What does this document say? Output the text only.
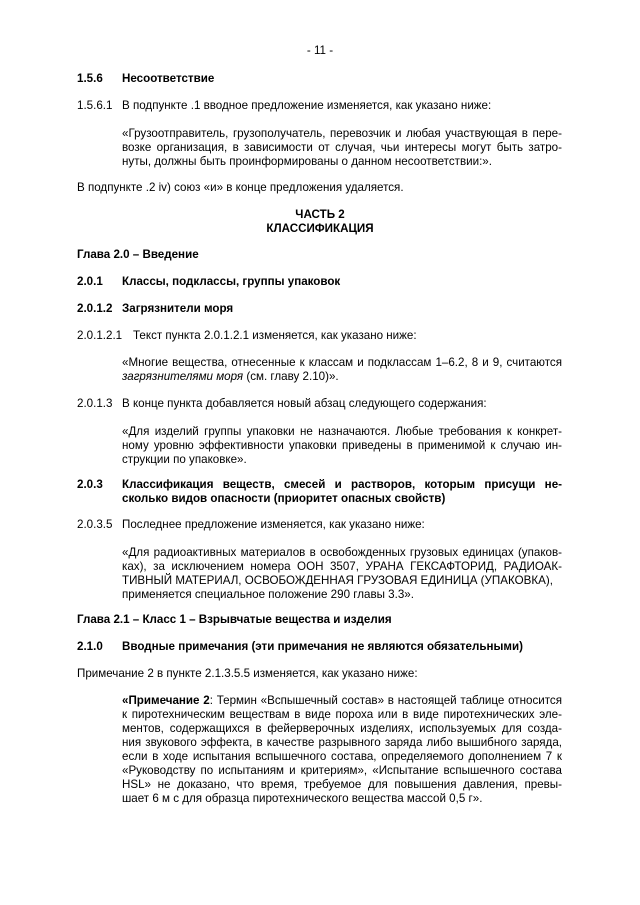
- 11 -
1.5.6 Несоответствие
1.5.6.1 В подпункте .1 вводное предложение изменяется, как указано ниже:
«Грузоотправитель, грузополучатель, перевозчик и любая участвующая в пере-
возке организация, в зависимости от случая, чьи интересы могут быть затро-
нуты, должны быть проинформированы о данном несоответствии:».
В подпункте .2 iv) союз «и» в конце предложения удаляется.
ЧАСТЬ 2
КЛАССИФИКАЦИЯ
Глава 2.0 – Введение
2.0.1 Классы, подклассы, группы упаковок
2.0.1.2 Загрязнители моря
2.0.1.2.1 Текст пункта 2.0.1.2.1 изменяется, как указано ниже:
«Многие вещества, отнесенные к классам и подклассам 1–6.2, 8 и 9, считаются
загрязнителями моря (см. главу 2.10)».
2.0.1.3 В конце пункта добавляется новый абзац следующего содержания:
«Для изделий группы упаковки не назначаются. Любые требования к конкрет-
ному уровню эффективности упаковки приведены в применимой к случаю ин-
струкции по упаковке».
2.0.3 Классификация веществ, смесей и растворов, которым присущи не-
сколько видов опасности (приоритет опасных свойств)
2.0.3.5 Последнее предложение изменяется, как указано ниже:
«Для радиоактивных материалов в освобожденных грузовых единицах (упаков-
ках), за исключением номера ООН 3507, УРАНА ГЕКСАФТОРИД, РАДИОАК-
ТИВНЫЙ МАТЕРИАЛ, ОСВОБОЖДЕННАЯ ГРУЗОВАЯ ЕДИНИЦА (УПАКОВКА),
применяется специальное положение 290 главы 3.3».
Глава 2.1 – Класс 1 – Взрывчатые вещества и изделия
2.1.0 Вводные примечания (эти примечания не являются обязательными)
Примечание 2 в пункте 2.1.3.5.5 изменяется, как указано ниже:
«Примечание 2: Термин «Вспышечный состав» в настоящей таблице относится
к пиротехническим веществам в виде пороха или в виде пиротехнических эле-
ментов, содержащихся в фейерверочных изделиях, используемых для созда-
ния звукового эффекта, в качестве разрывного заряда либо вышибного заряда,
если в ходе испытания вспышечного состава, определяемого дополнением 7 к
«Руководству по испытаниям и критериям», «Испытание вспышечного состава
HSL» не доказано, что время, требуемое для повышения давления, превы-
шает 6 м с для образца пиротехнического вещества массой 0,5 г».
